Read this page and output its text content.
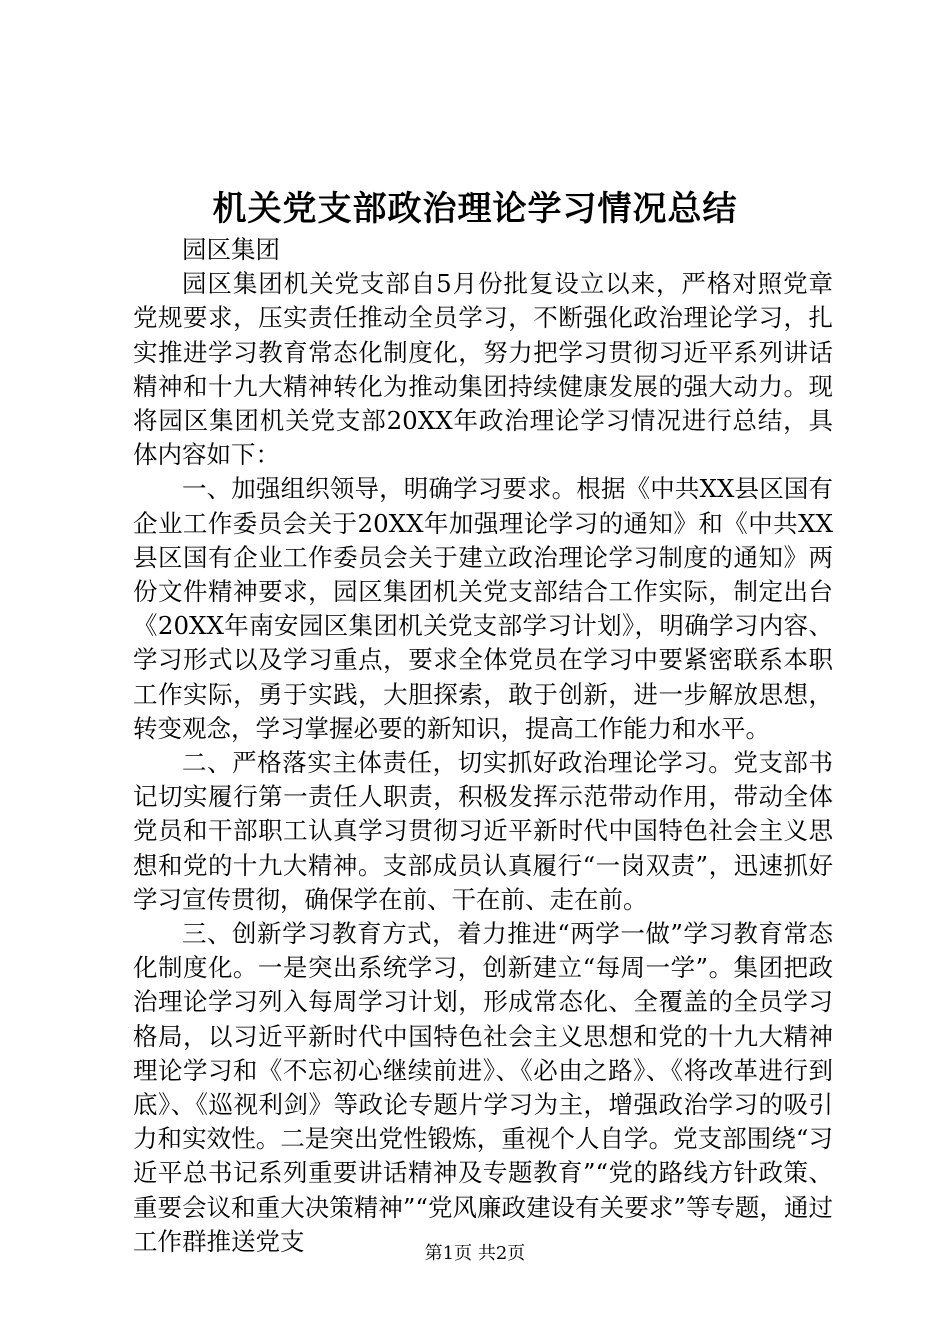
机关党支部政治理论学习情况总结

园区集团

园区集团机关党支部自5月份批复设立以来，严格对照党章党规要求，压实责任推动全员学习，不断强化政治理论学习，扎实推进学习教育常态化制度化，努力把学习贯彻习近平系列讲话精神和十九大精神转化为推动集团持续健康发展的强大动力。现将园区集团机关党支部20XX年政治理论学习情况进行总结，具体内容如下：

一、加强组织领导，明确学习要求。根据《中共XX县区国有企业工作委员会关于20XX年加强理论学习的通知》和《中共XX县区国有企业工作委员会关于建立政治理论学习制度的通知》两份文件精神要求，园区集团机关党支部结合工作实际，制定出台《20XX年南安园区集团机关党支部学习计划》，明确学习内容、学习形式以及学习重点，要求全体党员在学习中要紧密联系本职工作实际，勇于实践，大胆探索，敢于创新，进一步解放思想，转变观念，学习掌握必要的新知识，提高工作能力和水平。

二、严格落实主体责任，切实抓好政治理论学习。党支部书记切实履行第一责任人职责，积极发挥示范带动作用，带动全体党员和干部职工认真学习贯彻习近平新时代中国特色社会主义思想和党的十九大精神。支部成员认真履行“一岗双责”，迅速抓好学习宣传贯彻，确保学在前、干在前、走在前。

三、创新学习教育方式，着力推进“两学一做”学习教育常态化制度化。一是突出系统学习，创新建立“每周一学”。集团把政治理论学习列入每周学习计划，形成常态化、全覆盖的全员学习格局，以习近平新时代中国特色社会主义思想和党的十九大精神理论学习和《不忘初心继续前进》、《必由之路》、《将改革进行到底》、《巡视利剑》等政论专题片学习为主，增强政治学习的吸引力和实效性。二是突出党性锻炼，重视个人自学。党支部围绕“习近平总书记系列重要讲话精神及专题教育”“党的路线方针政策、重要会议和重大决策精神”“党风廉政建设有关要求”等专题，通过工作群推送党支	第1页 共2页
